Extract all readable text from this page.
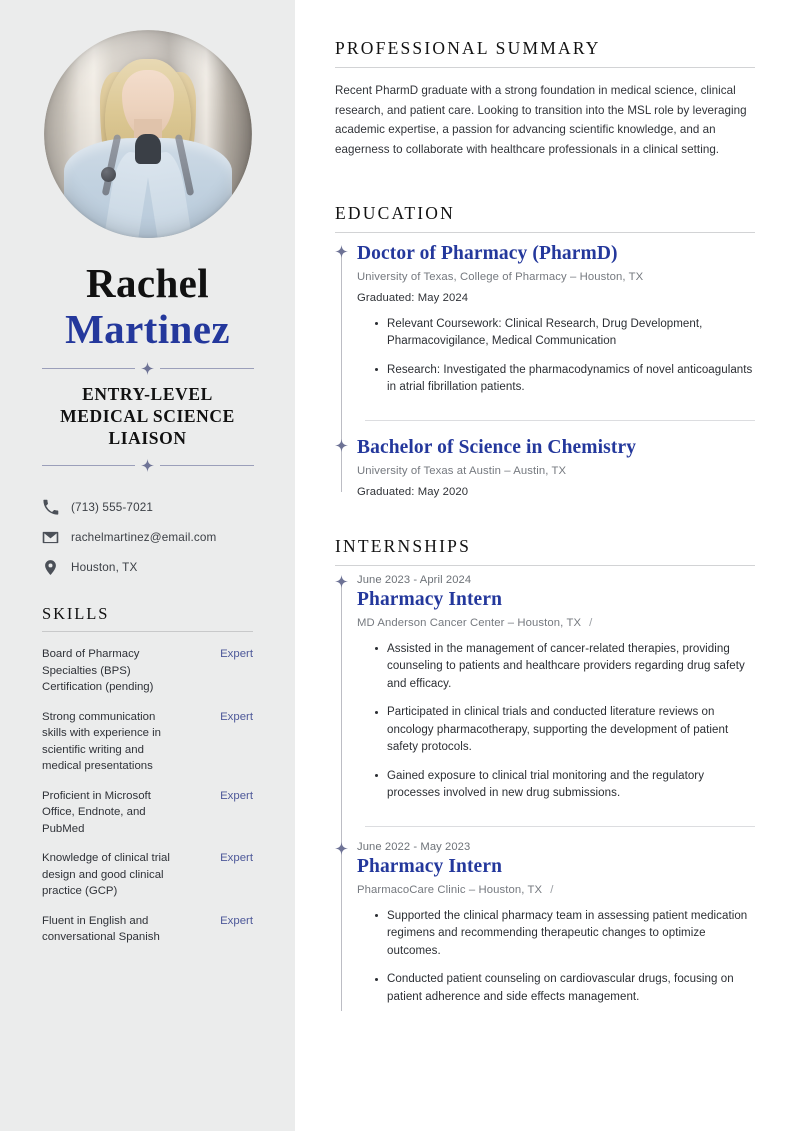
Rachel
Martinez
ENTRY-LEVEL MEDICAL SCIENCE LIAISON
(713) 555-7021
rachelmartinez@email.com
Houston, TX
SKILLS
Board of Pharmacy Specialties (BPS) Certification (pending)
Expert
Strong communication skills with experience in scientific writing and medical presentations
Expert
Proficient in Microsoft Office, Endnote, and PubMed
Expert
Knowledge of clinical trial design and good clinical practice (GCP)
Expert
Fluent in English and conversational Spanish
Expert
PROFESSIONAL SUMMARY

Recent PharmD graduate with a strong foundation in medical science, clinical research, and patient care. Looking to transition into the MSL role by leveraging academic expertise, a passion for advancing scientific knowledge, and an eagerness to collaborate with healthcare professionals in a clinical setting.

EDUCATION
Doctor of Pharmacy (PharmD)
University of Texas, College of Pharmacy – Houston, TX
Graduated: May 2024
Relevant Coursework: Clinical Research, Drug Development, Pharmacovigilance, Medical Communication
Research: Investigated the pharmacodynamics of novel anticoagulants in atrial fibrillation patients.
Bachelor of Science in Chemistry
University of Texas at Austin – Austin, TX
Graduated: May 2020
INTERNSHIPS
June 2023 - April 2024
Pharmacy Intern
MD Anderson Cancer Center – Houston, TX /
Assisted in the management of cancer-related therapies, providing counseling to patients and healthcare providers regarding drug safety and efficacy.
Participated in clinical trials and conducted literature reviews on oncology pharmacotherapy, supporting the development of patient safety protocols.
Gained exposure to clinical trial monitoring and the regulatory processes involved in new drug submissions.
June 2022 - May 2023
Pharmacy Intern
PharmacoCare Clinic – Houston, TX /
Supported the clinical pharmacy team in assessing patient medication regimens and recommending therapeutic changes to optimize outcomes.
Conducted patient counseling on cardiovascular drugs, focusing on patient adherence and side effects management.
